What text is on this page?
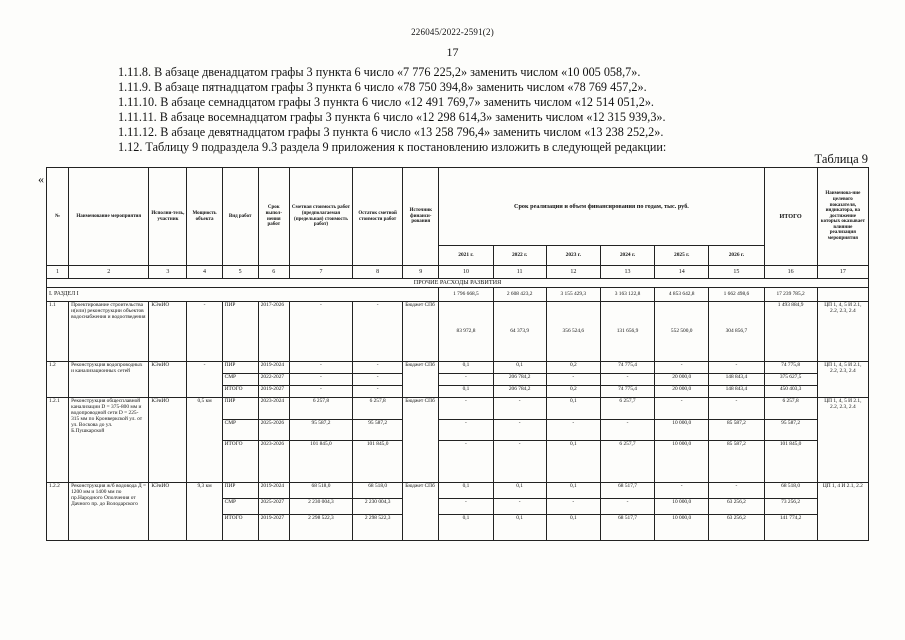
226045/2022-2591(2)
17
1.11.8. В абзаце двенадцатом графы 3 пункта 6 число «7 776 225,2» заменить числом «10 005 058,7».
1.11.9. В абзаце пятнадцатом графы 3 пункта 6 число «78 750 394,8» заменить числом «78 769 457,2».
1.11.10. В абзаце семнадцатом графы 3 пункта 6 число «12 491 769,7» заменить числом «12 514 051,2».
1.11.11. В абзаце восемнадцатом графы 3 пункта 6 число «12 298 614,3» заменить числом «12 315 939,3».
1.11.12. В абзаце девятнадцатом графы 3 пункта 6 число «13 258 796,4» заменить числом «13 238 252,2».
1.12. Таблицу 9 подраздела 9.3 раздела 9 приложения к постановлению изложить в следующей редакции:
«
Таблица 9
№	Наименование мероприятия	Исполни-тель, участник	Мощность объекта	Вид работ	Срок выпол-нения работ	Сметная стоимость работ (предполагаемая (предельная) стоимость работ)	Остаток сметной стоимости работ	Источник финанси-рования	Срок реализации и объем финансирования по годам, тыс. руб.						ИТОГО	Наименова-ние целевого показателя, индикатора, на достижение которых оказывает влияние реализация мероприятия
									2021 г.	2022 г.	2023 г.	2024 г.	2025 г.	2026 г.		
1	2	3	4	5	6	7	8	9	10	11	12	13	14	15	16	17
ПРОЧИЕ РАСХОДЫ РАЗВИТИЯ																
I. РАЗДЕЛ I									1 796 668,5	2 608 423,2	3 155 429,3	3 163 122,8	4 853 642,8	1 662 498,6	17 239 785,2	
1.1	Проектирование строительства и(или) реконструкции объектов водоснабжения и водоотведения	КЭиИО	-	ПИР	2017-2026	-	-	Бюджет СПб	83 972,8	64 373,9	356 524,6	131 656,9	552 500,0	304 856,7	1 493 884,9	ЦП 1, 4, 5 И 2.1, 2.2, 2.3, 2.4
1.2	Реконструкция водопроводных и канализационных сетей	КЭиИО	-	ПИР	2019-2024	-	-	Бюджет СПб	0,1	0,1	0,2	74 775,4	-	-	74 775,8	ЦП 1, 4, 5 И 2.1, 2.2, 2.3, 2.4
				СМР	2022-2027	-	-		-	206 784,2	-	-	20 000,0	148 843,4	375 627,5	
				ИТОГО	2019-2027	-	-		0,1	206 784,2	0,2	74 775,4	20 000,0	148 843,4	450 403,3	
1.2.1	Реконструкция общесплавной канализации D = 375-800 мм и водопроводной сети D = 225-315 мм по Кронверкской ул. от ул. Воскова до ул. Б.Пушкарской	КЭиИО	0,5 км	ПИР	2023-2024	6 257,8	6 257,8	Бюджет СПб	-	-	0,1	6 257,7	-	-	6 257,8	ЦП 1, 4, 5 И 2.1, 2.2, 2.3, 2.4
				СМР	2025-2026	95 587,2	95 587,2		-	-	-	-	10 000,0	85 587,2	95 587,2	
				ИТОГО	2023-2026	101 845,0	101 845,0		-	-	0,1	6 257,7	10 000,0	85 587,2	101 845,0	
1.2.2	Реконструкция ж/б водовода Д = 1200 мм и 1400 мм по пр.Народного Ополчения от Дачного пр. до Володарского	КЭиИО	9,3 км	ПИР	2019-2024	68 518,0	68 518,0	Бюджет СПб	0,1	0,1	0,1	68 517,7	-	-	68 518,0	ЦП 1, 4 И 2.1, 2.2
				СМР	2025-2027	2 230 004,3	2 230 004,3		-	-	-	-	10 000,0	63 256,2	73 256,2	
				ИТОГО	2019-2027	2 298 522,3	2 298 522,3		0,1	0,1	0,1	68 517,7	10 000,0	63 256,2	141 774,2	
